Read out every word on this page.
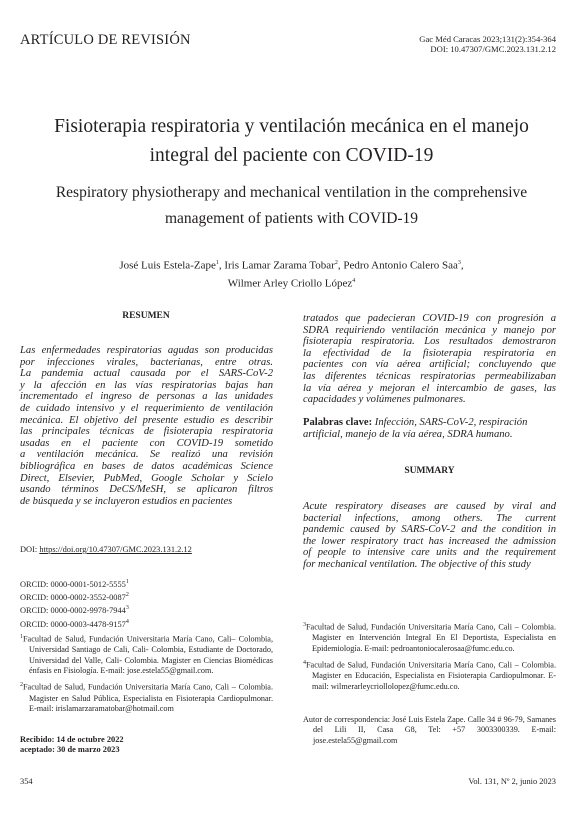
ARTÍCULO DE REVISIÓN	Gac Méd Caracas 2023;131(2):354-364
DOI: 10.47307/GMC.2023.131.2.12
Fisioterapia respiratoria y ventilación mecánica en el manejo
integral del paciente con COVID-19
Respiratory physiotherapy and mechanical ventilation in the comprehensive
management of patients with COVID-19
José Luis Estela-Zape$^1$, Iris Lamar Zarama Tobar$^2$, Pedro Antonio Calero Saa$^3$,
Wilmer Arley Criollo López$^4$
RESUMEN
Las enfermedades respiratorias agudas son producidas
por infecciones virales, bacterianas, entre otras.
La pandemia actual causada por el SARS-CoV-2
y la afección en las vías respiratorias bajas han
incrementado el ingreso de personas a las unidades
de cuidado intensivo y el requerimiento de ventilación
mecánica. El objetivo del presente estudio es describir
las principales técnicas de fisioterapia respiratoria
usadas en el paciente con COVID-19 sometido
a ventilación mecánica. Se realizó una revisión
bibliográfica en bases de datos académicas Science
Direct, Elsevier, PubMed, Google Scholar y Scielo
usando términos DeCS/MeSH, se aplicaron filtros
de búsqueda y se incluyeron estudios en pacientes
tratados que padecieran COVID-19 con progresión a
SDRA requiriendo ventilación mecánica y manejo por
fisioterapia respiratoria. Los resultados demostraron
la efectividad de la fisioterapia respiratoria en
pacientes con vía aérea artificial; concluyendo que
las diferentes técnicas respiratorias permeabilizaban
la vía aérea y mejoran el intercambio de gases, las
capacidades y volúmenes pulmonares.
Palabras clave: Infección, SARS-CoV-2, respiración
artificial, manejo de la vía aérea, SDRA humano.
SUMMARY
Acute respiratory diseases are caused by viral and
bacterial infections, among others. The current
pandemic caused by SARS-CoV-2 and the condition in
the lower respiratory tract has increased the admission
of people to intensive care units and the requirement
for mechanical ventilation. The objective of this study
DOI: https://doi.org/10.47307/GMC.2023.131.2.12
ORCID: 0000-0001-5012-5555$^1$
ORCID: 0000-0002-3552-0087$^2$
ORCID: 0000-0002-9978-7944$^3$
ORCID: 0000-0003-4478-9157$^4$

$^1$Facultad de Salud, Fundación Universitaria María Cano, Cali– Colombia, Universidad Santiago de Cali, Cali- Colombia, Estudiante de Doctorado, Universidad del Valle, Cali- Colombia. Magister en Ciencias Biomédicas énfasis en Fisiología. E-mail: jose.estela55@gmail.com.

$^2$Facultad de Salud, Fundación Universitaria María Cano, Cali – Colombia. Magister en Salud Pública, Especialista en Fisioterapia Cardiopulmonar. E-mail: irislamarzaramatobar@hotmail.com

Recibido: 14 de octubre 2022
aceptado: 30 de marzo 2023

$^3$Facultad de Salud, Fundación Universitaria María Cano, Cali – Colombia. Magister en Intervención Integral En El Deportista, Especialista en Epidemiología. E-mail: pedroantoniocalerosaa@fumc.edu.co.

$^4$Facultad de Salud, Fundación Universitaria María Cano, Cali – Colombia. Magister en Educación, Especialista en Fisioterapia Cardiopulmonar. E-mail: wilmerarleycriollolopez@fumc.edu.co.

Autor de correspondencia: José Luis Estela Zape. Calle 34 # 96-79, Samanes del Lili II, Casa G8, Tel: +57 3003300339. E-mail: jose.estela55@gmail.com

354	Vol. 131, Nº 2, junio 2023
